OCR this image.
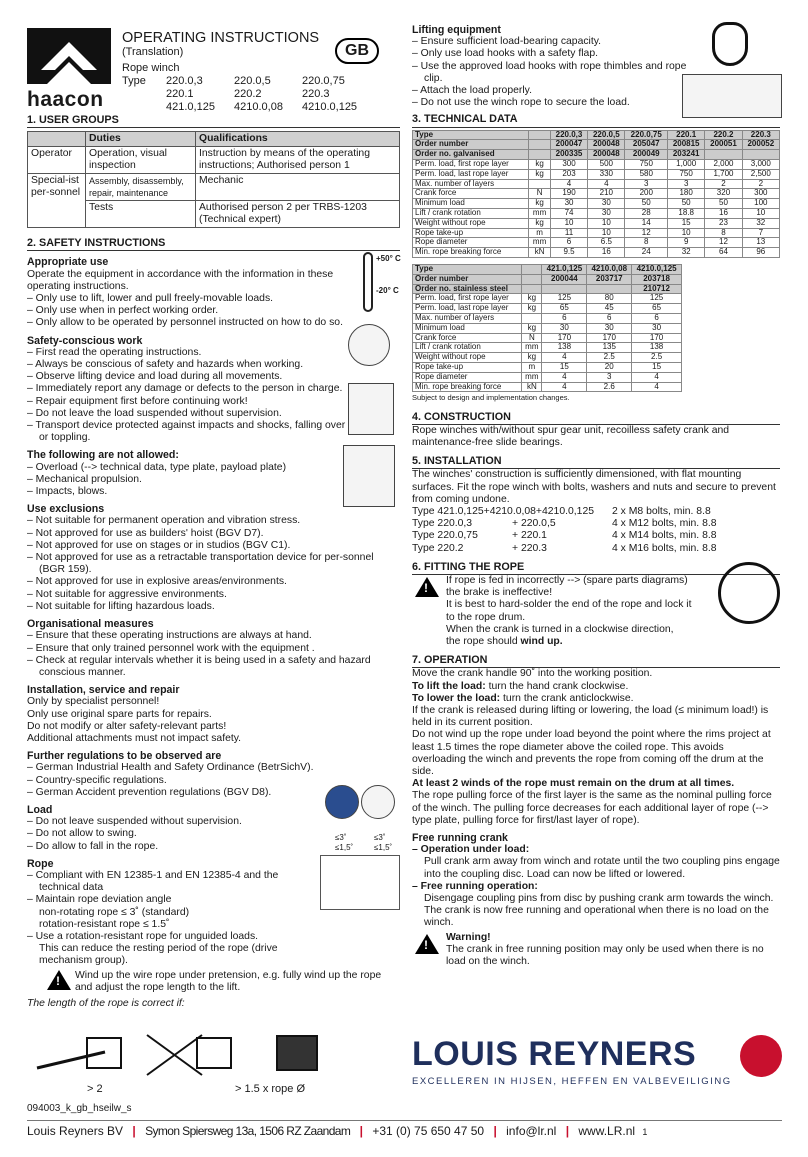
haacon
OPERATING INSTRUCTIONS
(Translation)
Rope winch
Type	220.0,3	220.0,5	220.0,75
220.1	220.2	220.3
421.0,125	4210.0,08	4210.0,125
GB
1. USER GROUPS
	Duties	Qualifications
Operator	Operation, visual inspection	Instruction by means of the operating instructions; Authorised person 1
Special-ist per-sonnel	Assembly, disassembly, repair, maintenance	Mechanic
	Tests	Authorised person 2 per TRBS-1203 (Technical expert)
2. SAFETY INSTRUCTIONS
Appropriate use
Operate the equipment in accordance with the information in these operating instructions.
– Only use to lift, lower and pull freely-movable loads.
– Only use when in perfect working order.
– Only allow to be operated by personnel instructed on how to do so.
Safety-conscious work
– First read the operating instructions.
– Always be conscious of safety and hazards when working.
– Observe lifting device and load during all movements.
– Immediately report any damage or defects to the person in charge.
– Repair equipment first before continuing work!
– Do not leave the load suspended without supervision.
– Transport device protected against impacts and shocks, falling over or toppling.
The following are not allowed:
– Overload (--> technical data, type plate, payload plate)
– Mechanical propulsion.
– Impacts, blows.
Use exclusions
– Not suitable for permanent operation and vibration stress.
– Not approved for use as builders' hoist (BGV D7).
– Not approved for use on stages or in studios (BGV C1).
– Not approved for use as a retractable transportation device for per-sonnel (BGR 159).
– Not approved for use in explosive areas/environments.
– Not suitable for aggressive environments.
– Not suitable for lifting hazardous loads.
Organisational measures
– Ensure that these operating instructions are always at hand.
– Ensure that only trained personnel work with the equipment .
– Check at regular intervals whether it is being used in a safety and hazard conscious manner.
Installation, service and repair
Only by specialist personnel!
Only use original spare parts for repairs.
Do not modify or alter safety-relevant parts!
Additional attachments must not impact safety.
Further regulations to be observed are
– German Industrial Health and Safety Ordinance (BetrSichV).
– Country-specific regulations.
– German Accident prevention regulations (BGV D8).
Load
– Do not leave suspended without supervision.
– Do not allow to swing.
– Do allow to fall in the rope.
Rope
– Compliant with EN 12385-1 and EN 12385-4 and the technical data
– Maintain rope deviation angle
non-rotating rope ≤ 3˚ (standard)
rotation-resistant rope ≤ 1.5˚
– Use a rotation-resistant rope for unguided loads.
This can reduce the resting period of the rope (drive mechanism group).
!
Wind up the wire rope under pretension, e.g. fully wind up the rope and adjust the rope length to the lift.
The length of the rope is correct if:
+50° C
-20° C
≤3˚
≤1,5˚
≤3˚
≤1,5˚
> 2	> 1.5 x rope Ø
094003_k_gb_hseilw_s
Lifting equipment
– Ensure sufficient load-bearing capacity.
– Only use load hooks with a safety flap.
– Use the approved load hooks with rope thimbles and rope clip.
– Attach the load properly.
– Do not use the winch rope to secure the load.
3. TECHNICAL DATA
Type		220.0,3	220.0,5	220.0,75	220.1	220.2	220.3
Order number		200047	200048	205047	200815	200051	200052
Order no. galvanised		200335	200048	200049	203241		
Perm. load, first rope layer	kg	300	500	750	1,000	2,000	3,000
Perm. load, last rope layer	kg	203	330	580	750	1,700	2,500
Max. number of layers		4	4	3	3	2	2
Crank force	N	190	210	200	180	320	300
Minimum load	kg	30	30	50	50	50	100
Lift / crank rotation	mm	74	30	28	18.8	16	10
Weight without rope	kg	10	10	14	15	23	32
Rope take-up	m	11	10	12	10	8	7
Rope diameter	mm	6	6.5	8	9	12	13
Min. rope breaking force	kN	9.5	16	24	32	64	96
Type		421.0,125	4210.0,08	4210.0,125
Order number		200044	203717	203718
Order no. stainless steel				210712
Perm. load, first rope layer	kg	125	80	125
Perm. load, last rope layer	kg	65	45	65
Max. number of layers		6	6	6
Minimum load	kg	30	30	30
Crank force	N	170	170	170
Lift / crank rotation	mm	138	135	138
Weight without rope	kg	4	2.5	2.5
Rope take-up	m	15	20	15
Rope diameter	mm	4	3	4
Min. rope breaking force	kN	4	2.6	4
Subject to design and implementation changes.
4. CONSTRUCTION
Rope winches with/without spur gear unit, recoilless safety crank and maintenance-free slide bearings.
5. INSTALLATION
The winches' construction is sufficiently dimensioned, with flat mounting surfaces. Fit the rope winch with bolts, washers and nuts and secure to prevent from coming undone.
Type 421.0,125+4210.0,08+4210.0,125	2 x M8 bolts, min. 8.8
Type 220.0,3	+ 220.0,5	4 x M12 bolts, min. 8.8
Type 220.0,75	+ 220.1	4 x M14 bolts, min. 8.8
Type 220.2	+ 220.3	4 x M16 bolts, min. 8.8
6. FITTING THE ROPE
!
If rope is fed in incorrectly --> (spare parts diagrams)
the brake is ineffective!
It is best to hard-solder the end of the rope and lock it
to the rope drum.
When the crank is turned in a clockwise direction,
the rope should wind up.
7. OPERATION
Move the crank handle 90˚ into the working position.
To lift the load: turn the hand crank clockwise.
To lower the load: turn the crank anticlockwise.
If the crank is released during lifting or lowering, the load (≤ minimum load!) is held in its current position.
Do not wind up the rope under load beyond the point where the rims project at least 1.5 times the rope diameter above the coiled rope. This avoids overloading the winch and prevents the rope from coming off the drum at the side.
At least 2 winds of the rope must remain on the drum at all times.
The rope pulling force of the first layer is the same as the nominal pulling force of the winch. The pulling force decreases for each additional layer of rope (--> type plate, pulling force for first/last layer of rope).
Free running crank
– Operation under load:
Pull crank arm away from winch and rotate until the two coupling pins engage into the coupling disc. Load can now be lifted or lowered.
– Free running operation:
Disengage coupling pins from disc by pushing crank arm towards the winch. The crank is now free running and operational when there is no load on the winch.
!
Warning!
The crank in free running position may only be used when there is no load on the winch.
LOUIS REYNERS
EXCELLEREN IN HIJSEN, HEFFEN EN VALBEVEILIGING
Louis Reyners BV | Symon Spiersweg 13a, 1506 RZ Zaandam | +31 (0) 75 650 47 50 | info@lr.nl | www.LR.nl 1
